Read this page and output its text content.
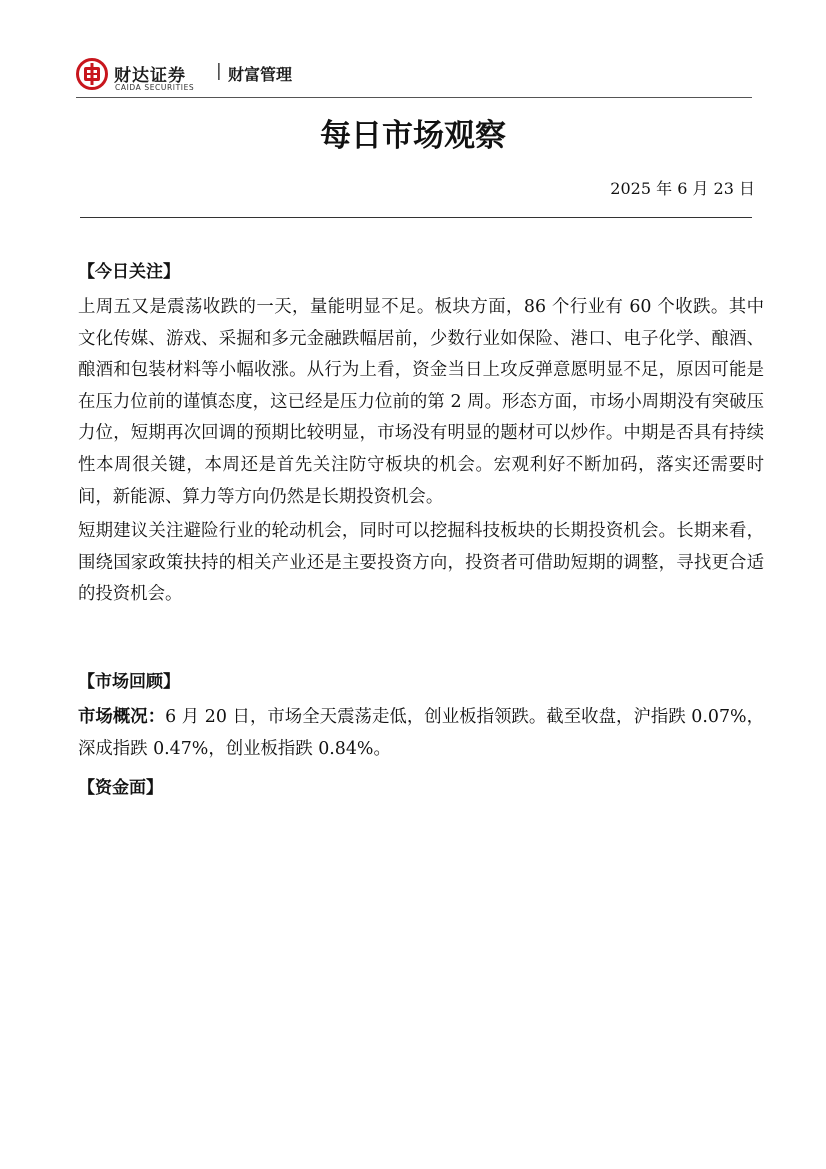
财达证券
CAIDA SECURITIES
| 财富管理
每日市场观察
2025 年 6 月 23 日
【今日关注】

上周五又是震荡收跌的一天，量能明显不足。板块方面，86 个行业有 60 个收跌。其中文化传媒、游戏、采掘和多元金融跌幅居前，少数行业如保险、港口、电子化学、酿酒、酿酒和包装材料等小幅收涨。从行为上看，资金当日上攻反弹意愿明显不足，原因可能是在压力位前的谨慎态度，这已经是压力位前的第 2 周。形态方面，市场小周期没有突破压力位，短期再次回调的预期比较明显，市场没有明显的题材可以炒作。中期是否具有持续性本周很关键，本周还是首先关注防守板块的机会。宏观利好不断加码，落实还需要时间，新能源、算力等方向仍然是长期投资机会。

短期建议关注避险行业的轮动机会，同时可以挖掘科技板块的长期投资机会。长期来看，围绕国家政策扶持的相关产业还是主要投资方向，投资者可借助短期的调整，寻找更合适的投资机会。

【市场回顾】

市场概况：6 月 20 日，市场全天震荡走低，创业板指领跌。截至收盘，沪指跌 0.07%，深成指跌 0.47%，创业板指跌 0.84%。

【资金面】
